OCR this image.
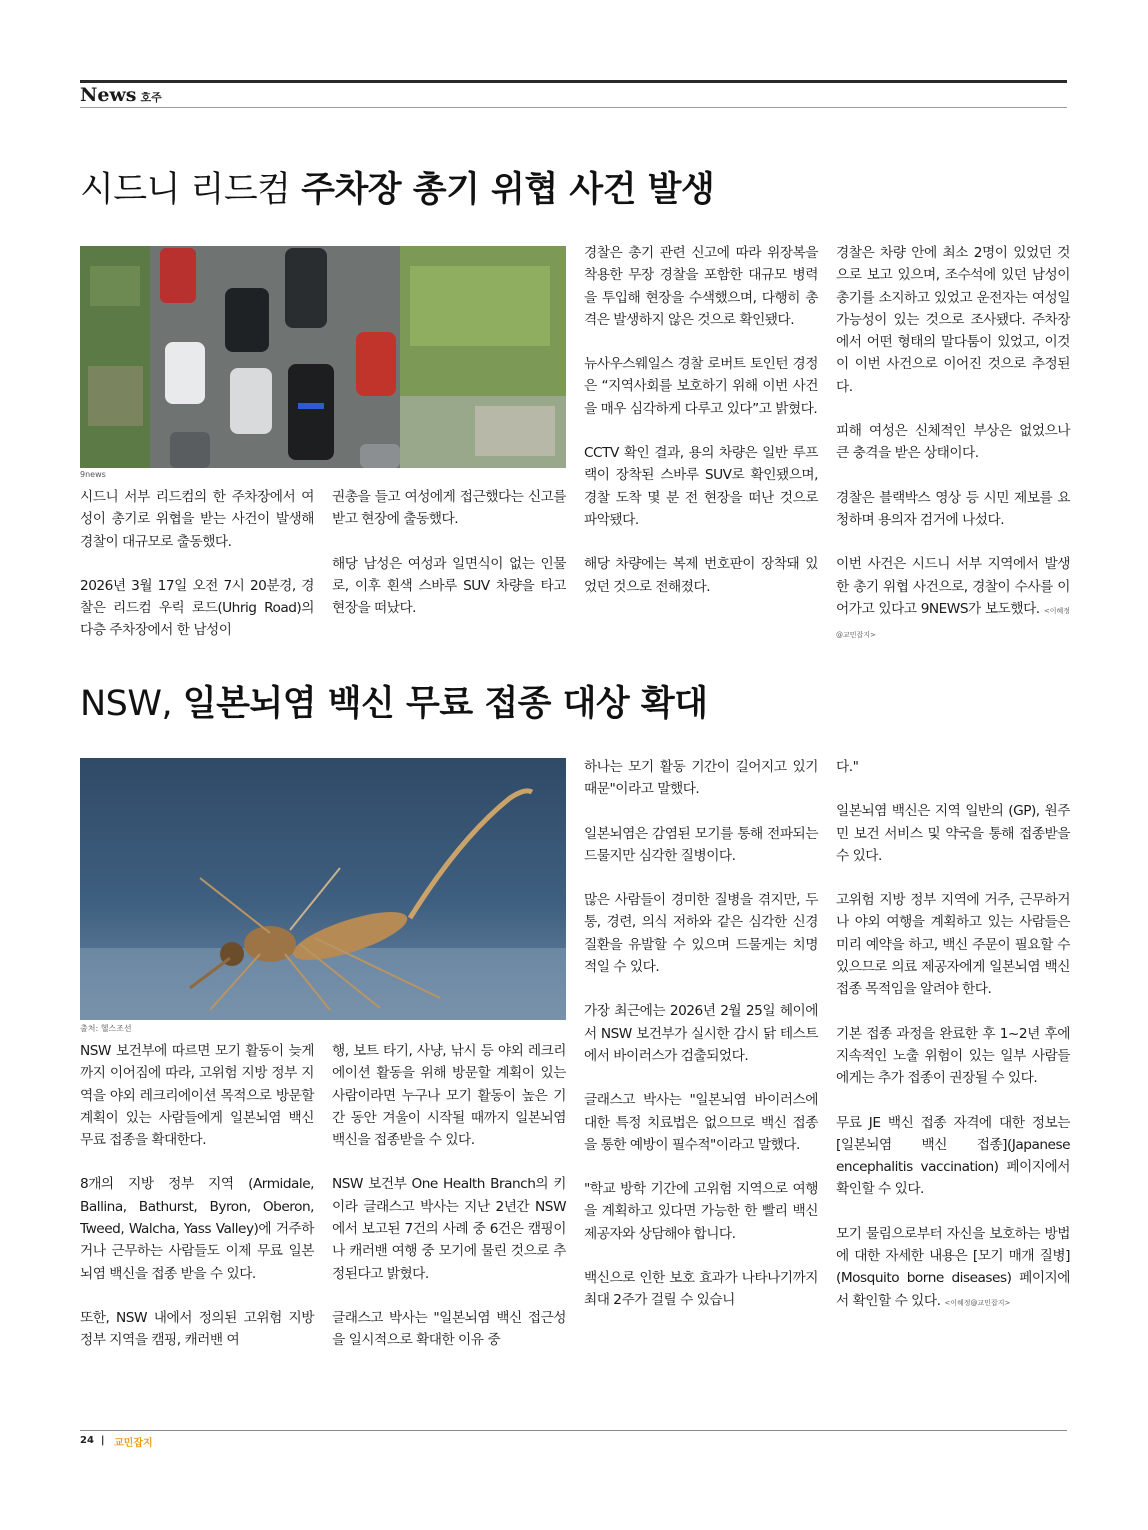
News 호주
시드니 리드컴 주차장 총기 위협 사건 발생
9news

시드니 서부 리드컴의 한 주차장에서 여성이 총기로 위협을 받는 사건이 발생해 경찰이 대규모로 출동했다.

2026년 3월 17일 오전 7시 20분경, 경찰은 리드컴 우릭 로드(Uhrig Road)의 다층 주차장에서 한 남성이

권총을 들고 여성에게 접근했다는 신고를 받고 현장에 출동했다.

해당 남성은 여성과 일면식이 없는 인물로, 이후 흰색 스바루 SUV 차량을 타고 현장을 떠났다.

경찰은 총기 관련 신고에 따라 위장복을 착용한 무장 경찰을 포함한 대규모 병력을 투입해 현장을 수색했으며, 다행히 총격은 발생하지 않은 것으로 확인됐다.

뉴사우스웨일스 경찰 로버트 토인턴 경정은 “지역사회를 보호하기 위해 이번 사건을 매우 심각하게 다루고 있다”고 밝혔다.

CCTV 확인 결과, 용의 차량은 일반 루프랙이 장착된 스바루 SUV로 확인됐으며, 경찰 도착 몇 분 전 현장을 떠난 것으로 파악됐다.

해당 차량에는 복제 번호판이 장착돼 있었던 것으로 전해졌다.

경찰은 차량 안에 최소 2명이 있었던 것으로 보고 있으며, 조수석에 있던 남성이 총기를 소지하고 있었고 운전자는 여성일 가능성이 있는 것으로 조사됐다. 주차장에서 어떤 형태의 말다툼이 있었고, 이것이 이번 사건으로 이어진 것으로 추정된다.

피해 여성은 신체적인 부상은 없었으나 큰 충격을 받은 상태이다.

경찰은 블랙박스 영상 등 시민 제보를 요청하며 용의자 검거에 나섰다.

이번 사건은 시드니 서부 지역에서 발생한 총기 위협 사건으로, 경찰이 수사를 이어가고 있다고 9NEWS가 보도했다. <이혜정@교민잡지>

NSW, 일본뇌염 백신 무료 접종 대상 확대
출처: 헬스조선

NSW 보건부에 따르면 모기 활동이 늦게까지 이어짐에 따라, 고위험 지방 정부 지역을 야외 레크리에이션 목적으로 방문할 계획이 있는 사람들에게 일본뇌염 백신 무료 접종을 확대한다.

8개의 지방 정부 지역 (Armidale, Ballina, Bathurst, Byron, Oberon, Tweed, Walcha, Yass Valley)에 거주하거나 근무하는 사람들도 이제 무료 일본뇌염 백신을 접종 받을 수 있다.

또한, NSW 내에서 정의된 고위험 지방 정부 지역을 캠핑, 캐러밴 여

행, 보트 타기, 사냥, 낚시 등 야외 레크리에이션 활동을 위해 방문할 계획이 있는 사람이라면 누구나 모기 활동이 높은 기간 동안 겨울이 시작될 때까지 일본뇌염 백신을 접종받을 수 있다.

NSW 보건부 One Health Branch의 키이라 글래스고 박사는 지난 2년간 NSW에서 보고된 7건의 사례 중 6건은 캠핑이나 캐러밴 여행 중 모기에 물린 것으로 추정된다고 밝혔다.

글래스고 박사는 "일본뇌염 백신 접근성을 일시적으로 확대한 이유 중

하나는 모기 활동 기간이 길어지고 있기 때문"이라고 말했다.

일본뇌염은 감염된 모기를 통해 전파되는 드물지만 심각한 질병이다.

많은 사람들이 경미한 질병을 겪지만, 두통, 경련, 의식 저하와 같은 심각한 신경 질환을 유발할 수 있으며 드물게는 치명적일 수 있다.

가장 최근에는 2026년 2월 25일 헤이에서 NSW 보건부가 실시한 감시 닭 테스트에서 바이러스가 검출되었다.

글래스고 박사는 "일본뇌염 바이러스에 대한 특정 치료법은 없으므로 백신 접종을 통한 예방이 필수적"이라고 말했다.

"학교 방학 기간에 고위험 지역으로 여행을 계획하고 있다면 가능한 한 빨리 백신 제공자와 상담해야 합니다.

백신으로 인한 보호 효과가 나타나기까지 최대 2주가 걸릴 수 있습니

다."

일본뇌염 백신은 지역 일반의 (GP), 원주민 보건 서비스 및 약국을 통해 접종받을 수 있다.

고위험 지방 정부 지역에 거주, 근무하거나 야외 여행을 계획하고 있는 사람들은 미리 예약을 하고, 백신 주문이 필요할 수 있으므로 의료 제공자에게 일본뇌염 백신 접종 목적임을 알려야 한다.

기본 접종 과정을 완료한 후 1~2년 후에 지속적인 노출 위험이 있는 일부 사람들에게는 추가 접종이 권장될 수 있다.

무료 JE 백신 접종 자격에 대한 정보는 [일본뇌염 백신 접종](Japanese encephalitis vaccination) 페이지에서 확인할 수 있다.

모기 물림으로부터 자신을 보호하는 방법에 대한 자세한 내용은 [모기 매개 질병](Mosquito borne diseases) 페이지에서 확인할 수 있다. <이혜정@교민잡지>

24 | 교민잡지
